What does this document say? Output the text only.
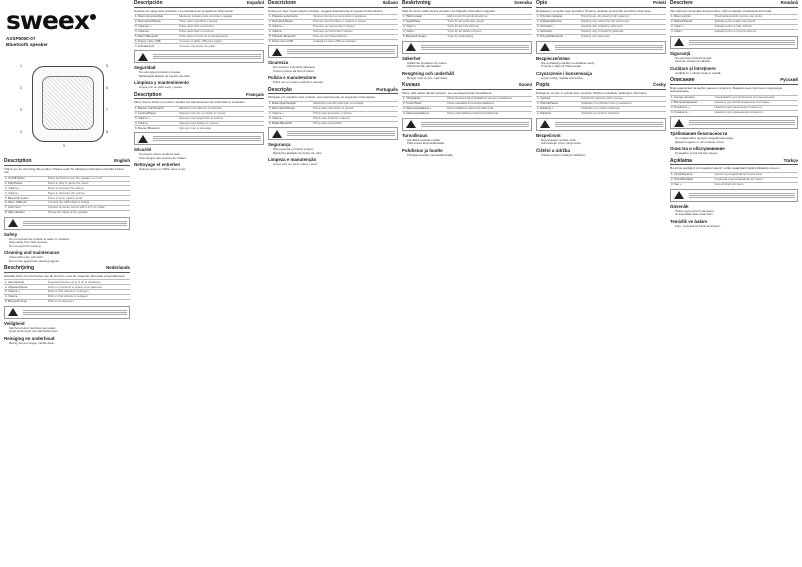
sweex
AXSP5000-07
Bluetooth speaker
1
2
3
4
5
6
7
8
9
Description	English
Thank you for choosing this product. Please read the following information carefully before use.
1. On/Off button	Press and hold to turn the speaker on or off.
2. Play/Pause	Press to play or pause the music.
3. Volume +	Press to increase the volume.
4. Volume -	Press to decrease the volume.
5. Bluetooth button	Press to enter pairing mode.
6. Micro USB port	Connect the USB cable to charge.
7. AUX input	Connect an audio source with a 3.5 mm cable.
8. LED indicator	Shows the status of the speaker.
Safety
• Do not expose the product to water or moisture.
• Keep away from heat sources.
• Do not open the housing.
Cleaning and maintenance
• Clean with a dry, soft cloth.
• Do not use aggressive cleaning agents.
Beschrijving	Nederlands
Hartelijk dank voor het kiezen van dit product. Lees de volgende informatie zorgvuldig door.
1. Aan/Uit-knop	Ingedrukt houden om in of uit te schakelen.
2. Afspelen/Pauze	Druk om muziek af te spelen of te pauzeren.
3. Volume +	Druk om het volume te verhogen.
4. Volume -	Druk om het volume te verlagen.
5. Bluetooth-knop	Druk om te koppelen.
Veiligheid
• Stel het product niet bloot aan water.
• Houd uit de buurt van warmtebronnen.
Reiniging en onderhoud
• Reinig met een droge, zachte doek.
Descripción	Español
Gracias por elegir este producto. Lea atentamente la siguiente información.
1. Botón de encendido	Mantener pulsado para encender o apagar.
2. Reproducir/Pausa	Pulse para reproducir o pausar.
3. Volumen +	Pulse para subir el volumen.
4. Volumen -	Pulse para bajar el volumen.
5. Botón Bluetooth	Pulse para el modo de emparejamiento.
6. Puerto micro USB	Conecte el cable USB para cargar.
7. Entrada AUX	Conecte una fuente de audio.
Seguridad
• No exponga el producto al agua.
• Manténgalo alejado de fuentes de calor.
Limpieza y mantenimiento
• Limpie con un paño seco y suave.
Description	Français
Merci d'avoir choisi ce produit. Veuillez lire attentivement les informations suivantes.
1. Bouton marche/arrêt	Maintenir pour allumer ou éteindre.
2. Lecture/Pause	Appuyer pour lire ou mettre en pause.
3. Volume +	Appuyer pour augmenter le volume.
4. Volume -	Appuyer pour baisser le volume.
5. Bouton Bluetooth	Appuyer pour le jumelage.
Sécurité
• N'exposez pas le produit à l'eau.
• Tenir éloigné des sources de chaleur.
Nettoyage et entretien
• Nettoyer avec un chiffon doux et sec.
Descrizione	Italiano
Grazie per aver scelto questo prodotto. Leggere attentamente le seguenti informazioni.
1. Pulsante accensione	Tenere premuto per accendere o spegnere.
2. Riproduci/Pausa	Premere per riprodurre o mettere in pausa.
3. Volume +	Premere per aumentare il volume.
4. Volume -	Premere per diminuire il volume.
5. Pulsante Bluetooth	Premere per l'associazione.
6. Porta micro USB	Collegare il cavo USB per caricare.
Sicurezza
• Non esporre il prodotto all'acqua.
• Tenere lontano da fonti di calore.
Pulizia e manutenzione
• Pulire con un panno morbido e asciutto.
Descrição	Português
Obrigado por escolher este produto. Leia atentamente as seguintes informações.
1. Botão ligar/desligar	Mantenha premido para ligar ou desligar.
2. Reproduzir/Pausa	Prima para reproduzir ou pausar.
3. Volume +	Prima para aumentar o volume.
4. Volume -	Prima para diminuir o volume.
5. Botão Bluetooth	Prima para emparelhar.
Segurança
• Não exponha o produto à água.
• Mantenha afastado de fontes de calor.
Limpeza e manutenção
• Limpe com um pano macio e seco.
Beskrivning	Svenska
Tack för att du valde denna produkt. Läs följande information noggrant.
1. På/Av-knapp	Håll intryckt för att slå på eller av.
2. Spela/Paus	Tryck för att spela eller pausa.
3. Volym +	Tryck för att höja volymen.
4. Volym -	Tryck för att sänka volymen.
5. Bluetooth-knapp	Tryck för parkoppling.
Säkerhet
• Utsätt inte produkten för vatten.
• Håll borta från värmekällor.
Rengöring och underhåll
• Rengör med en torr, mjuk trasa.
Kuvaus	Suomi
Kiitos, että valitsit tämän tuotteen. Lue seuraavat tiedot huolellisesti.
1. Virtapainike	Pidä painettuna käynnistääksesi tai sammuttaaksesi.
2. Toisto/Tauko	Paina toistaaksesi tai keskeyttääksesi.
3. Äänenvoimakkuus +	Paina lisätäksesi äänenvoimakkuutta.
4. Äänenvoimakkuus -	Paina vähentääksesi äänenvoimakkuutta.
Turvallisuus
• Älä altista tuotetta vedelle.
• Pidä poissa lämmönlähteistä.
Puhdistus ja huolto
• Puhdista kuivalla, pehmeällä liinalla.
Opis	Polski
Dziękujemy za wybór tego produktu. Prosimy uważnie przeczytać poniższe informacje.
1. Przycisk zasilania	Przytrzymaj, aby włączyć lub wyłączyć.
2. Odtwarzaj/Pauza	Naciśnij, aby odtworzyć lub wstrzymać.
3. Głośność +	Naciśnij, aby zwiększyć głośność.
4. Głośność -	Naciśnij, aby zmniejszyć głośność.
5. Przycisk Bluetooth	Naciśnij, aby sparować.
Bezpieczeństwo
• Nie wystawiaj produktu na działanie wody.
• Trzymaj z dala od źródeł ciepła.
Czyszczenie i konserwacja
• Czyść suchą, miękką ściereczką.
Popis	Česky
Děkujeme, že jste si vybrali tento výrobek. Pečlivě si přečtěte následující informace.
1. Vypínač	Podržením zapnete nebo vypnete.
2. Přehrát/Pauza	Stiskněte pro přehrání nebo pozastavení.
3. Hlasitost +	Stiskněte pro zvýšení hlasitosti.
4. Hlasitost -	Stiskněte pro snížení hlasitosti.
Bezpečnost
• Nevystavujte výrobek vodě.
• Uchovávejte mimo zdroje tepla.
Čištění a údržba
• Čistěte suchým měkkým hadříkem.
Descriere	Română
Vă mulțumim că ați ales acest produs. Citiți cu atenție următoarele informații.
1. Buton pornire	Țineți apăsat pentru pornire sau oprire.
2. Redare/Pauză	Apăsați pentru redare sau pauză.
3. Volum +	Apăsați pentru a mări volumul.
4. Volum -	Apăsați pentru a micșora volumul.
Siguranță
• Nu expuneți produsul la apă.
• Feriți de sursele de căldură.
Curățare și întreținere
• Curățați cu o cârpă moale și uscată.
Описание	Русский
Благодарим вас за выбор данного продукта. Внимательно прочтите следующую информацию.
1. Кнопка питания	Удерживайте для включения или выключения.
2. Воспроизведение	Нажмите для воспроизведения или паузы.
3. Громкость +	Нажмите для увеличения громкости.
4. Громкость -	Нажмите для уменьшения громкости.
Требования безопасности
• Не подвергайте продукт воздействию воды.
• Держите вдали от источников тепла.
Очистка и обслуживание
• Очищайте сухой мягкой тканью.
Açıklama	Türkçe
Bu ürünü seçtiğiniz için teşekkür ederiz. Lütfen aşağıdaki bilgileri dikkatlice okuyun.
1. Açma/Kapama	Açmak veya kapatmak için basılı tutun.
2. Oynat/Duraklat	Oynatmak veya duraklatmak için basın.
3. Ses +	Sesi artırmak için basın.
Güvenlik
• Ürünü suya maruz bırakmayın.
• Isı kaynaklarından uzak tutun.
Temizlik ve bakım
• Kuru, yumuşak bir bezle temizleyin.
